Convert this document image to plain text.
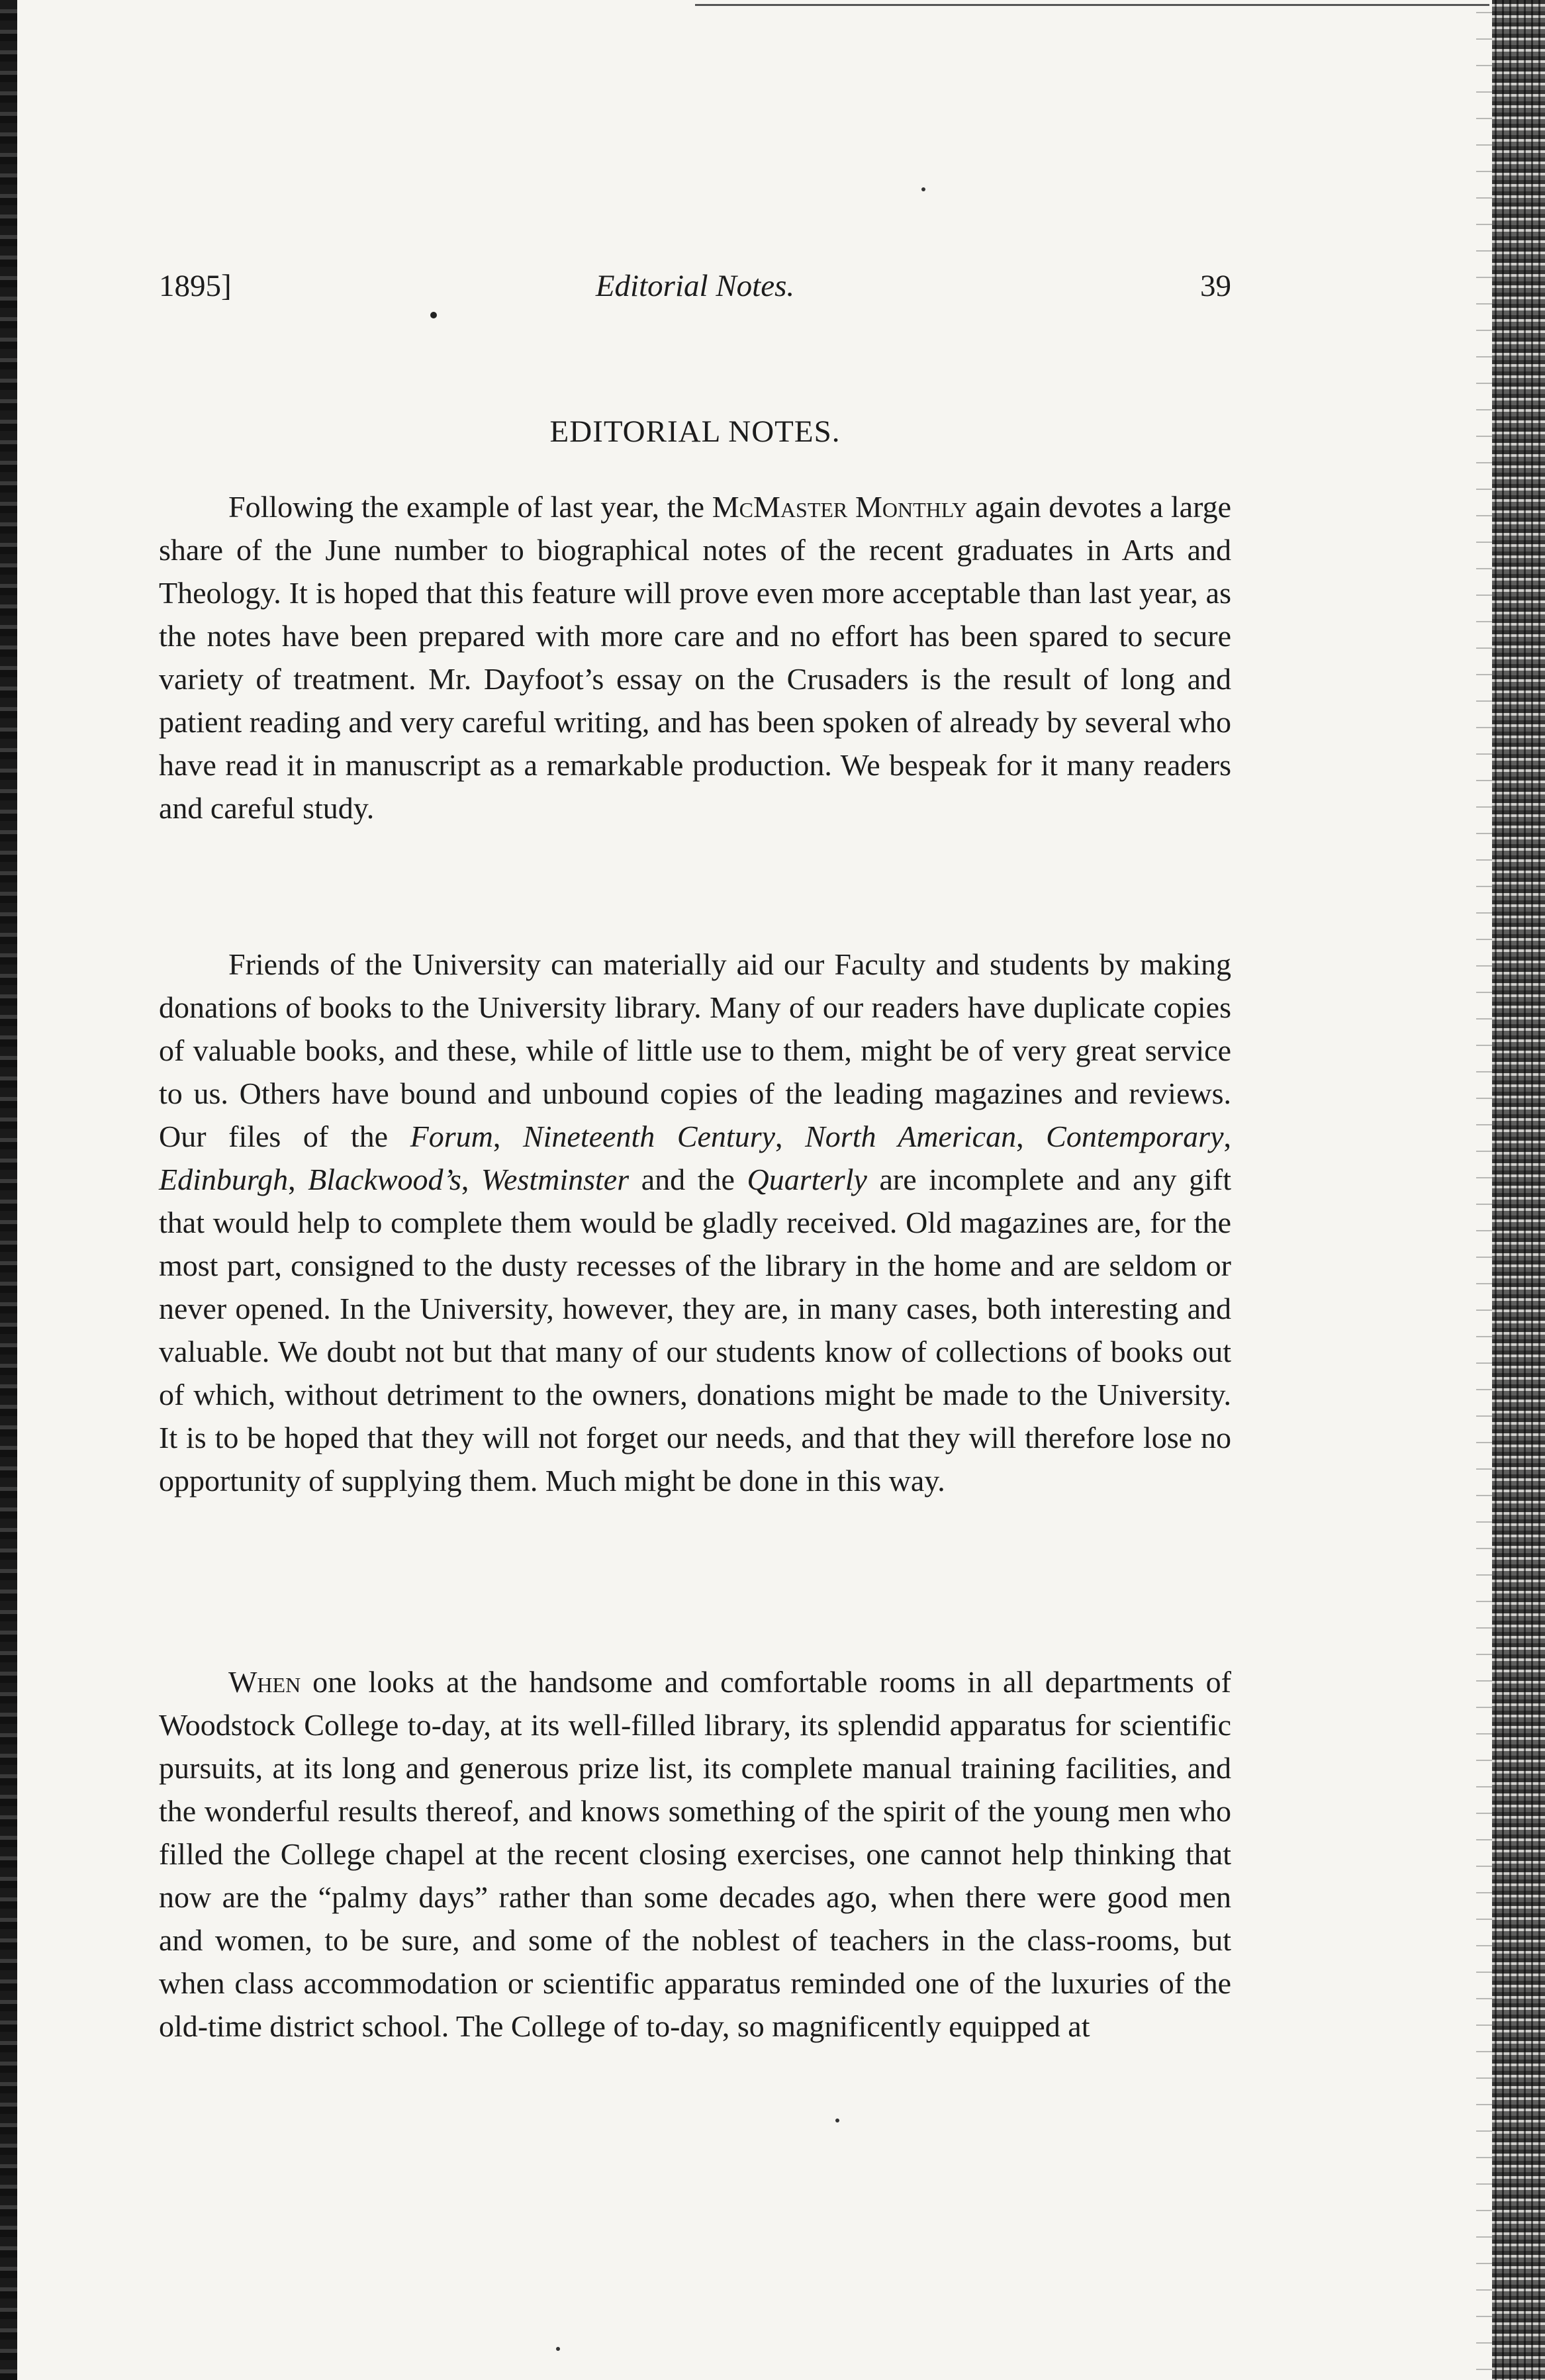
1895]	Editorial Notes.	39
EDITORIAL NOTES.

Following the example of last year, the McMaster Monthly again devotes a large share of the June number to biographical notes of the recent graduates in Arts and Theology. It is hoped that this feature will prove even more acceptable than last year, as the notes have been prepared with more care and no effort has been spared to secure variety of treatment. Mr. Dayfoot’s essay on the Crusaders is the result of long and patient reading and very careful writing, and has been spoken of already by several who have read it in manuscript as a remarkable production. We bespeak for it many readers and careful study.

Friends of the University can materially aid our Faculty and students by making donations of books to the University library. Many of our readers have duplicate copies of valuable books, and these, while of little use to them, might be of very great service to us. Others have bound and unbound copies of the leading magazines and reviews. Our files of the Forum, Nineteenth Century, North American, Contemporary, Edinburgh, Blackwood’s, Westminster and the Quarterly are incomplete and any gift that would help to complete them would be gladly received. Old magazines are, for the most part, consigned to the dusty recesses of the library in the home and are seldom or never opened. In the University, however, they are, in many cases, both interesting and valuable. We doubt not but that many of our students know of collections of books out of which, without detriment to the owners, donations might be made to the University. It is to be hoped that they will not forget our needs, and that they will therefore lose no opportunity of supplying them. Much might be done in this way.

When one looks at the handsome and comfortable rooms in all departments of Woodstock College to-day, at its well-filled library, its splendid apparatus for scientific pursuits, at its long and generous prize list, its complete manual training facilities, and the wonderful results thereof, and knows something of the spirit of the young men who filled the College chapel at the recent closing exercises, one cannot help thinking that now are the “palmy days” rather than some decades ago, when there were good men and women, to be sure, and some of the noblest of teachers in the class-rooms, but when class accommodation or scientific apparatus reminded one of the luxuries of the old-time district school. The College of to-day, so magnificently equipped at
